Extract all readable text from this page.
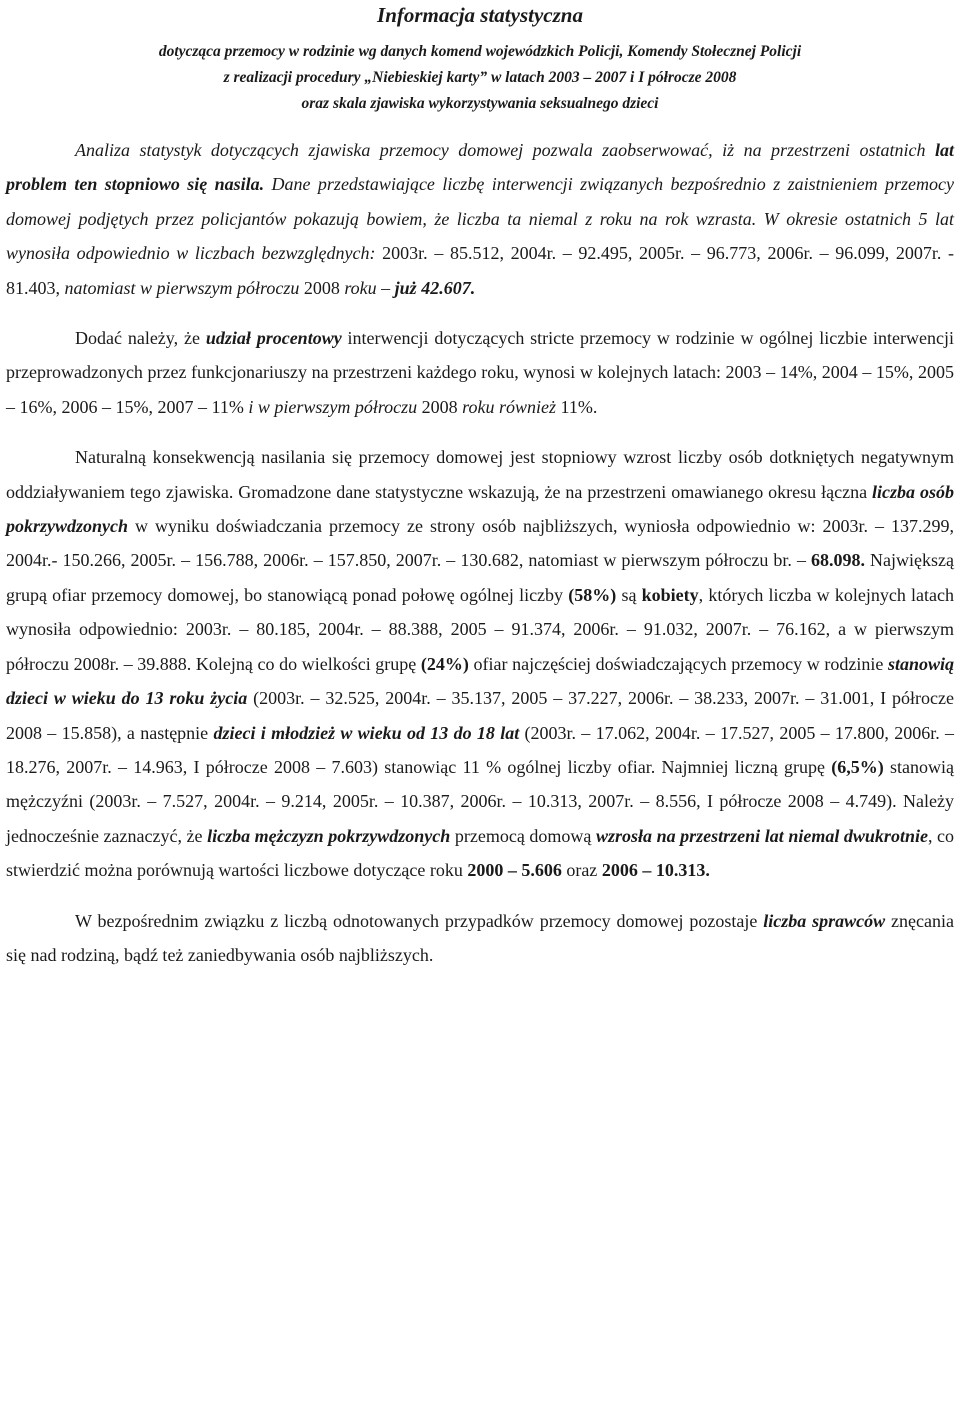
Informacja statystyczna
dotycząca przemocy w rodzinie wg danych komend wojewódzkich Policji, Komendy Stołecznej Policji
z realizacji procedury „Niebieskiej karty” w latach 2003 – 2007 i I półrocze 2008
oraz skala zjawiska wykorzystywania seksualnego dzieci

Analiza statystyk dotyczących zjawiska przemocy domowej pozwala zaobserwować, iż na przestrzeni ostatnich lat problem ten stopniowo się nasila. Dane przedstawiające liczbę interwencji związanych bezpośrednio z zaistnieniem przemocy domowej podjętych przez policjantów pokazują bowiem, że liczba ta niemal z roku na rok wzrasta. W okresie ostatnich 5 lat wynosiła odpowiednio w liczbach bezwzględnych: 2003r. – 85.512, 2004r. – 92.495, 2005r. – 96.773, 2006r. – 96.099, 2007r. - 81.403, natomiast w pierwszym półroczu 2008 roku – już 42.607.

Dodać należy, że udział procentowy interwencji dotyczących stricte przemocy w rodzinie w ogólnej liczbie interwencji przeprowadzonych przez funkcjonariuszy na przestrzeni każdego roku, wynosi w kolejnych latach: 2003 – 14%, 2004 – 15%, 2005 – 16%, 2006 – 15%, 2007 – 11% i w pierwszym półroczu 2008 roku również 11%.

Naturalną konsekwencją nasilania się przemocy domowej jest stopniowy wzrost liczby osób dotkniętych negatywnym oddziaływaniem tego zjawiska. Gromadzone dane statystyczne wskazują, że na przestrzeni omawianego okresu łączna liczba osób pokrzywdzonych w wyniku doświadczania przemocy ze strony osób najbliższych, wyniosła odpowiednio w: 2003r. – 137.299, 2004r.- 150.266, 2005r. – 156.788, 2006r. – 157.850, 2007r. – 130.682, natomiast w pierwszym półroczu br. – 68.098. Największą grupą ofiar przemocy domowej, bo stanowiącą ponad połowę ogólnej liczby (58%) są kobiety, których liczba w kolejnych latach wynosiła odpowiednio: 2003r. – 80.185, 2004r. – 88.388, 2005 – 91.374, 2006r. – 91.032, 2007r. – 76.162, a w pierwszym półroczu 2008r. – 39.888. Kolejną co do wielkości grupę (24%) ofiar najczęściej doświadczających przemocy w rodzinie stanowią dzieci w wieku do 13 roku życia (2003r. – 32.525, 2004r. – 35.137, 2005 – 37.227, 2006r. – 38.233, 2007r. – 31.001, I półrocze 2008 – 15.858), a następnie dzieci i młodzież w wieku od 13 do 18 lat (2003r. – 17.062, 2004r. – 17.527, 2005 – 17.800, 2006r. – 18.276, 2007r. – 14.963, I półrocze 2008 – 7.603) stanowiąc 11 % ogólnej liczby ofiar. Najmniej liczną grupę (6,5%) stanowią mężczyźni (2003r. – 7.527, 2004r. – 9.214, 2005r. – 10.387, 2006r. – 10.313, 2007r. – 8.556, I półrocze 2008 – 4.749). Należy jednocześnie zaznaczyć, że liczba mężczyzn pokrzywdzonych przemocą domową wzrosła na przestrzeni lat niemal dwukrotnie, co stwierdzić można porównują wartości liczbowe dotyczące roku 2000 – 5.606 oraz 2006 – 10.313.

W bezpośrednim związku z liczbą odnotowanych przypadków przemocy domowej pozostaje liczba sprawców znęcania się nad rodziną, bądź też zaniedbywania osób najbliższych.
